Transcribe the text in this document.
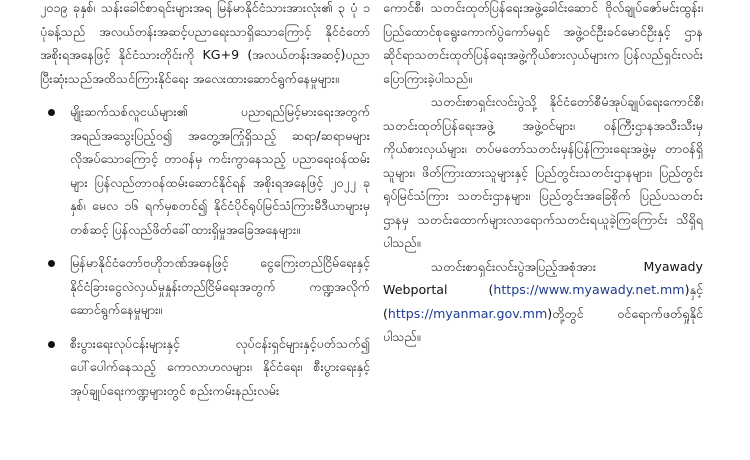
၂၀၁၉ ခုနှစ်၊ သန်းခေါင်စာရင်းများအရ မြန်မာနိုင်ငံသားအားလုံး၏ ၃ ပုံ ၁ ပုံခန့်သည် အလယ်တန်းအဆင့်ပညာရေးသာရှိသောကြောင့် နိုင်ငံတော်အစိုးရအနေဖြင့် နိုင်ငံသားတိုင်းကို KG+9 (အလယ်တန်းအဆင့်)ပညာပြီးဆုံးသည်အထိသင်ကြားနိုင်ရေး အလေးထားဆောင်ရွက်နေမှုများ။

မျိုးဆက်သစ်လူငယ်များ၏ ပညာရည်မြင့်မားရေးအတွက် အရည်အသွေးပြည့်ဝ၍ အတွေ့အကြုံရှိသည့် ဆရာ/ဆရာမများလိုအပ်သောကြောင့် တာဝန်မှ ကင်းကွာနေသည့် ပညာရေးဝန်ထမ်းများ ပြန်လည်တာဝန်ထမ်းဆောင်နိုင်ရန် အစိုးရအနေဖြင့် ၂၀၂၂ ခုနှစ်၊ မေလ ၁၆ ရက်မှစတင်၍ နိုင်ငံပိုင်ရုပ်မြင်သံကြားမီဒီယာများမှတစ်ဆင့် ပြန်လည်ဖိတ်ခေါ်ထားရှိမှုအခြေအနေများ။
မြန်မာနိုင်ငံတော်ဗဟိုဘဏ်အနေဖြင့် ငွေကြေးတည်ငြိမ်ရေးနှင့် နိုင်ငံခြားငွေလဲလှယ်မှုနှုန်းတည်ငြိမ်ရေးအတွက် ကဏ္ဍအလိုက် ဆောင်ရွက်နေမှုများ။
စီးပွားရေးလုပ်ငန်းများနှင့် လုပ်ငန်းရှင်များနှင့်ပတ်သက်၍ ပေါ်ပေါက်နေသည့် ကောလာဟလများ၊ နိုင်ငံရေး၊ စီးပွားရေးနှင့် အုပ်ချုပ်ရေးကဏ္ဍများတွင် စည်းကမ်းနည်းလမ်း

ကောင်စီ၊ သတင်းထုတ်ပြန်ရေးအဖွဲ့ခေါင်းဆောင် ဗိုလ်ချုပ်ဇော်မင်းထွန်း၊ ပြည်ထောင်စုရွေးကောက်ပွဲကော်မရှင် အဖွဲ့ဝင်ဦးခင်မောင်ဦးနှင့် ဌာနဆိုင်ရာသတင်းထုတ်ပြန်ရေးအဖွဲ့ကိုယ်စားလှယ်များက ပြန်လည်ရှင်းလင်းပြောကြားခဲ့ပါသည်။

သတင်းစာရှင်းလင်းပွဲသို့ နိုင်ငံတော်စီမံအုပ်ချုပ်ရေးကောင်စီ၊ သတင်းထုတ်ပြန်ရေးအဖွဲ့ အဖွဲ့ဝင်များ၊ ဝန်ကြီးဌာနအသီးသီးမှ ကိုယ်စားလှယ်များ၊ တပ်မတော်သတင်းမှန်ပြန်ကြားရေးအဖွဲ့မှ တာဝန်ရှိသူများ၊ ဖိတ်ကြားထားသူများနှင့် ပြည်တွင်းသတင်းဌာနများ၊ ပြည်တွင်းရုပ်မြင်သံကြား သတင်းဌာနများ၊ ပြည်တွင်းအခြေစိုက် ပြည်ပသတင်းဌာနမှ သတင်းထောက်များလာရောက်သတင်းရယူခဲ့ကြကြောင်း သိရှိရပါသည်။

သတင်းစာရှင်းလင်းပွဲအပြည့်အစုံအား Myawady Webportal (https://www.myawady.net.mm)နှင့် (https://myanmar.gov.mm)တို့တွင် ဝင်ရောက်ဖတ်ရှုနိုင်ပါသည်။
